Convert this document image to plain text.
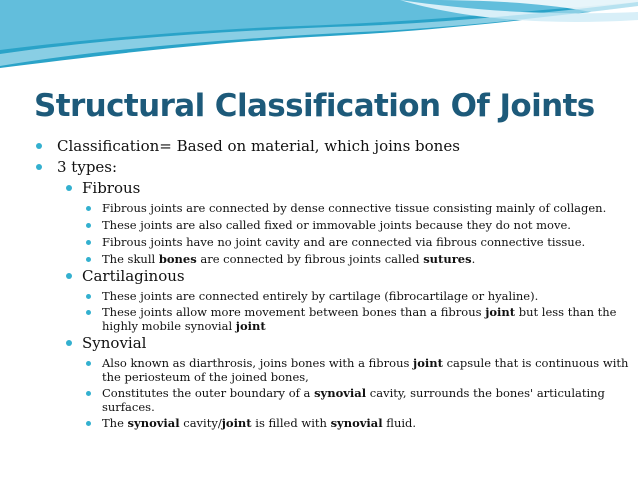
Structural Classification Of Joints
Classification= Based on material, which joins bones
3 types:
Fibrous
Fibrous joints are connected by dense connective tissue consisting mainly of collagen.
These joints are also called fixed or immovable joints because they do not move.
Fibrous joints have no joint cavity and are connected via fibrous connective tissue.
The skull bones are connected by fibrous joints called sutures.
Cartilaginous
These joints are connected entirely by cartilage (fibrocartilage or hyaline).
These joints allow more movement between bones than a fibrous joint but less than the
highly mobile synovial joint
Synovial
Also known as diarthrosis, joins bones with a fibrous joint capsule that is continuous with
the periosteum of the joined bones,
Constitutes the outer boundary of a synovial cavity, surrounds the bones' articulating
surfaces.
The synovial cavity/joint is filled with synovial fluid.
